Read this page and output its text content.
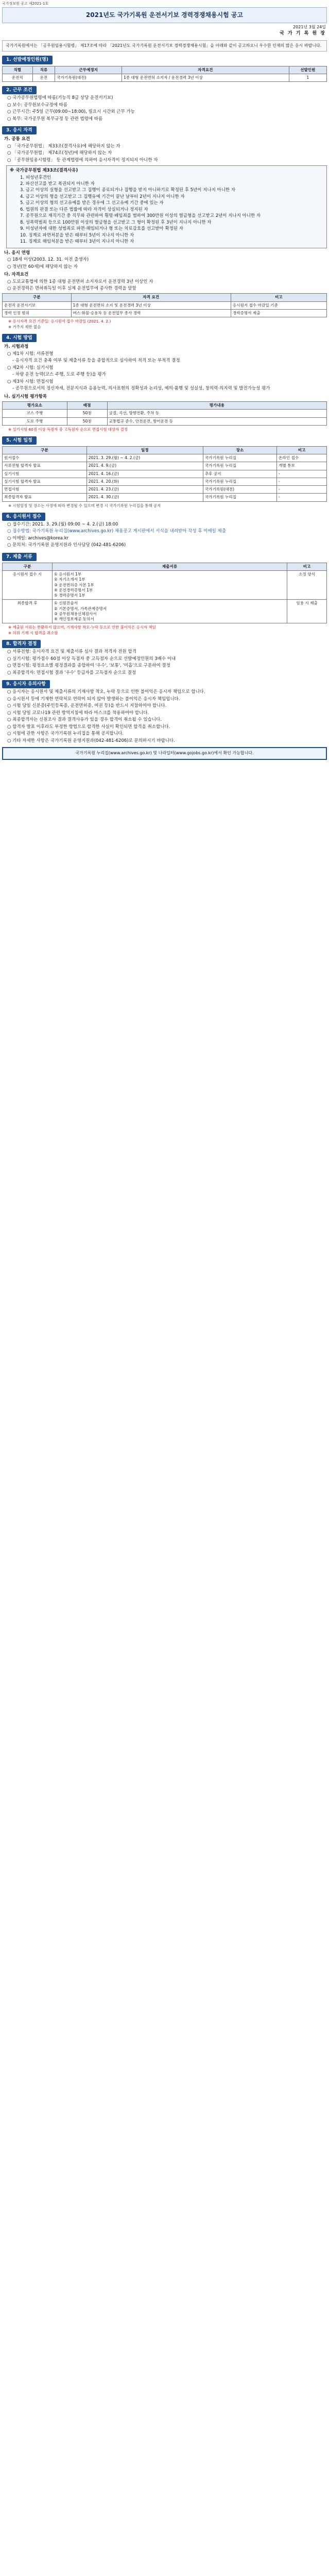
국가정보원 공고 제2021-1호
2021년도 국가기록원 운전서기보 경력경쟁채용시험 공고
2021년 3월 24일
국 가 기 록 원 장
국가기록원에서는 「공무원임용시험령」 제17조에 따라 「2021년도 국가기록원 운전서기보 경력경쟁채용시험」을 아래와 같이 공고하오니 우수한 인재의 많은 응시 바랍니다.
1. 선발예정인원(명)
직렬	직류	근무예정지	자격요건	선발인원
운전직	운전	국가기록원(대전)	1종 대형 운전면허 소지자 / 운전경력 3년 이상	1
2. 근무 조건
○ 국가공무원법령에 따름(기능직 8급 상당 운전서기보)
○ 보수: 공무원보수규정에 따름
○ 근무시간: 주5일 근무(09:00~18:00), 필요시 시간외 근무 가능
○ 복무: 국가공무원 복무규정 등 관련 법령에 따름
3. 응시 자격
가. 공통 요건
○ 「국가공무원법」 제33조(결격사유)에 해당하지 않는 자
○ 「국가공무원법」 제74조(정년)에 해당하지 않는 자
○ 「공무원임용시험령」 등 관계법령에 의하여 응시자격이 정지되지 아니한 자
※ 국가공무원법 제33조(결격사유)
1. 피성년후견인
2. 파산선고를 받고 복권되지 아니한 자
3. 금고 이상의 실형을 선고받고 그 집행이 종료되거나 집행을 받지 아니하기로 확정된 후 5년이 지나지 아니한 자
4. 금고 이상의 형을 선고받고 그 집행유예 기간이 끝난 날부터 2년이 지나지 아니한 자
5. 금고 이상의 형의 선고유예를 받은 경우에 그 선고유예 기간 중에 있는 자
6. 법원의 판결 또는 다른 법률에 따라 자격이 상실되거나 정지된 자
7. 공무원으로 재직기간 중 직무와 관련하여 횡령·배임죄를 범하여 300만원 이상의 벌금형을 선고받고 2년이 지나지 아니한 자
8. 성폭력범죄 등으로 100만원 이상의 벌금형을 선고받고 그 형이 확정된 후 3년이 지나지 아니한 자
9. 미성년자에 대한 성범죄로 파면·해임되거나 형 또는 치료감호를 선고받아 확정된 자
10. 징계로 파면처분을 받은 때부터 5년이 지나지 아니한 자
11. 징계로 해임처분을 받은 때부터 3년이 지나지 아니한 자
나. 응시 연령
○ 18세 이상(2003. 12. 31. 이전 출생자)
○ 정년(만 60세)에 해당하지 않는 자
다. 자격요건
○ 도로교통법에 의한 1종 대형 운전면허 소지자로서 운전경력 3년 이상인 자
○ 운전경력은 면허취득일 이후 실제 운전업무에 종사한 경력을 말함
구분	자격 요건	비고
운전직 운전서기보	1종 대형 운전면허 소지 및 운전경력 3년 이상	응시원서 접수 마감일 기준
경력 인정 범위	버스·화물·승용차 등 운전업무 종사 경력	경력증명서 제출
※ 응시자격 요건 기준일: 응시원서 접수 마감일 (2021. 4. 2.)
※ 거주지 제한 없음
4. 시험 방법
가. 시험과정
○ 제1차 시험: 서류전형
- 응시자격 요건 충족 여부 및 제출서류 등을 종합적으로 심사하여 적격 또는 부적격 결정
○ 제2차 시험: 실기시험
- 차량 운전 능력(코스 주행, 도로 주행 등)을 평가
○ 제3차 시험: 면접시험
- 공무원으로서의 정신자세, 전문지식과 응용능력, 의사표현의 정확성과 논리성, 예의·품행 및 성실성, 창의력·의지력 및 발전가능성 평가
나. 실기시험 평가항목
평가요소	배점	평가내용
코스 주행	50점	굴절, 곡선, 방향전환, 주차 등
도로 주행	50점	교통법규 준수, 안전운전, 방어운전 등
※ 실기시험 60점 이상 득점자 중 고득점자 순으로 면접시험 대상자 결정
5. 시험 일정
구분	일정	장소	비고
원서접수	2021. 3. 29.(월) ~ 4. 2.(금)	국가기록원 누리집	온라인 접수
서류전형 합격자 발표	2021. 4. 9.(금)	국가기록원 누리집	개별 통보
실기시험	2021. 4. 16.(금)	추후 공지	-
실기시험 합격자 발표	2021. 4. 20.(화)	국가기록원 누리집	-
면접시험	2021. 4. 23.(금)	국가기록원(대전)	-
최종합격자 발표	2021. 4. 30.(금)	국가기록원 누리집	-
※ 시험일정 및 장소는 사정에 따라 변경될 수 있으며 변경 시 국가기록원 누리집을 통해 공지
6. 응시원서 접수
○ 접수기간: 2021. 3. 29.(월) 09:00 ~ 4. 2.(금) 18:00
○ 접수방법: 국가기록원 누리집(www.archives.go.kr) 채용공고 게시판에서 서식을 내려받아 작성 후 이메일 제출
○ 이메일: archives@korea.kr
○ 문의처: 국가기록원 운영지원과 인사담당 (042-481-6206)
7. 제출 서류
구분	제출서류	비고
응시원서 접수 시	① 응시원서 1부
② 자기소개서 1부
③ 운전면허증 사본 1부
④ 운전경력증명서 1부
⑤ 경력증명서 1부	소정 양식
최종합격 후	① 신원진술서
② 기본증명서, 가족관계증명서
③ 공무원채용신체검사서
④ 개인정보제공 동의서	임용 시 제출
※ 제출된 서류는 반환하지 않으며, 기재사항 착오·누락 등으로 인한 불이익은 응시자 책임
※ 허위 기재 시 합격을 취소함
8. 합격자 결정
○ 서류전형: 응시자격 요건 및 제출서류 심사 결과 적격자 전원 합격
○ 실기시험: 평가점수 60점 이상 득점자 중 고득점자 순으로 선발예정인원의 3배수 이내
○ 면접시험: 평정요소별 평정결과를 종합하여 '우수', '보통', '미흡'으로 구분하여 결정
○ 최종합격자: 면접시험 결과 '우수' 등급자를 고득점자 순으로 결정
9. 응시자 유의사항
○ 응시자는 응시원서 및 제출서류의 기재사항 착오, 누락 등으로 인한 불이익은 응시자 책임으로 합니다.
○ 응시원서 등에 기재한 연락처로 연락이 되지 않아 발생하는 불이익은 응시자 책임입니다.
○ 시험 당일 신분증(주민등록증, 운전면허증, 여권 등)을 반드시 지참하여야 합니다.
○ 시험 당일 코로나19 관련 방역지침에 따라 마스크를 착용하여야 합니다.
○ 최종합격자는 신원조사 결과 결격사유가 있을 경우 합격이 취소될 수 있습니다.
○ 합격자 발표 이후라도 부정한 방법으로 합격한 사실이 확인되면 합격을 취소합니다.
○ 시험에 관한 사항은 국가기록원 누리집을 통해 공지합니다.
○ 기타 자세한 사항은 국가기록원 운영지원과(042-481-6206)로 문의하시기 바랍니다.
국가기록원 누리집(www.archives.go.kr) 및 나라일터(www.gojobs.go.kr)에서 확인 가능합니다.
